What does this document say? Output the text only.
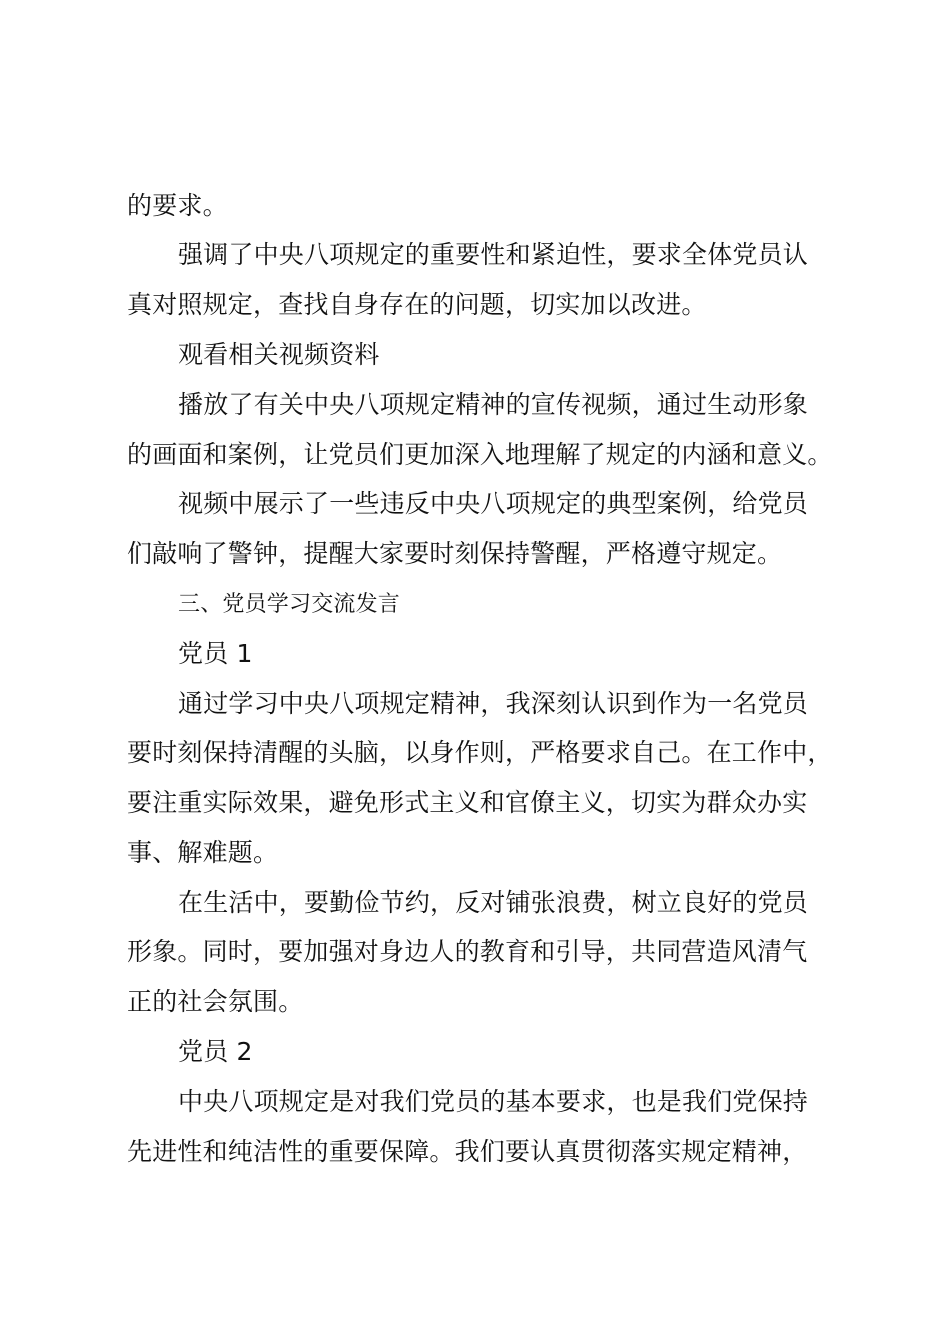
的要求。

强调了中央八项规定的重要性和紧迫性，要求全体党员认

真对照规定，查找自身存在的问题，切实加以改进。

观看相关视频资料

播放了有关中央八项规定精神的宣传视频，通过生动形象

的画面和案例，让党员们更加深入地理解了规定的内涵和意义。

视频中展示了一些违反中央八项规定的典型案例，给党员

们敲响了警钟，提醒大家要时刻保持警醒，严格遵守规定。

三、党员学习交流发言

党员 1

通过学习中央八项规定精神，我深刻认识到作为一名党员

要时刻保持清醒的头脑，以身作则，严格要求自己。在工作中，

要注重实际效果，避免形式主义和官僚主义，切实为群众办实

事、解难题。

在生活中，要勤俭节约，反对铺张浪费，树立良好的党员

形象。同时，要加强对身边人的教育和引导，共同营造风清气

正的社会氛围。

党员 2

中央八项规定是对我们党员的基本要求，也是我们党保持

先进性和纯洁性的重要保障。我们要认真贯彻落实规定精神，
